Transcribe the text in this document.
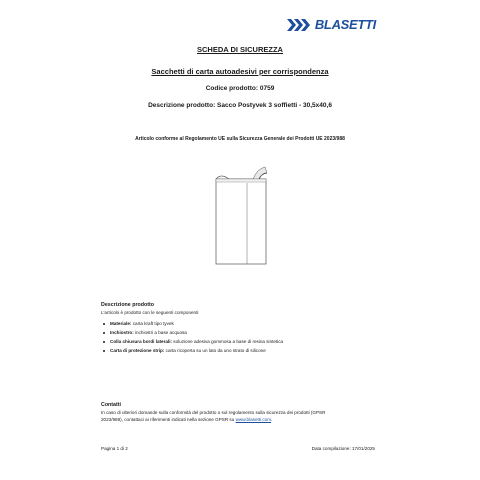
BLASETTI
SCHEDA DI SICUREZZA
Sacchetti di carta autoadesivi per corrispondenza
Codice prodotto: 0759
Descrizione prodotto: Sacco Postyvek 3 soffietti - 30,5x40,6
Articolo conforme al Regolamento UE sulla Sicurezza Generale dei Prodotti UE 2023/988
Descrizione prodotto
L'articolo è prodotto con le seguenti componenti
Materiale: carta kraft tipo tyvek
Inchiostro: inchiostri a base acquosa
Colla chiusura bordi laterali: soluzione adesiva gommosa a base di resina sintetica
Carta di protezione strip: carta ricoperta su un lato da uno strato di silicone
Contatti
In caso di ulteriori domande sulla conformità del prodotto o sul regolamento sulla sicurezza dei prodotti (GPSR
2023/988), contattaci ai riferimenti indicati nella sezione GPSR su www.blasetti.com.
Pagina 1 di 2	Data compilazione: 17/01/2025
